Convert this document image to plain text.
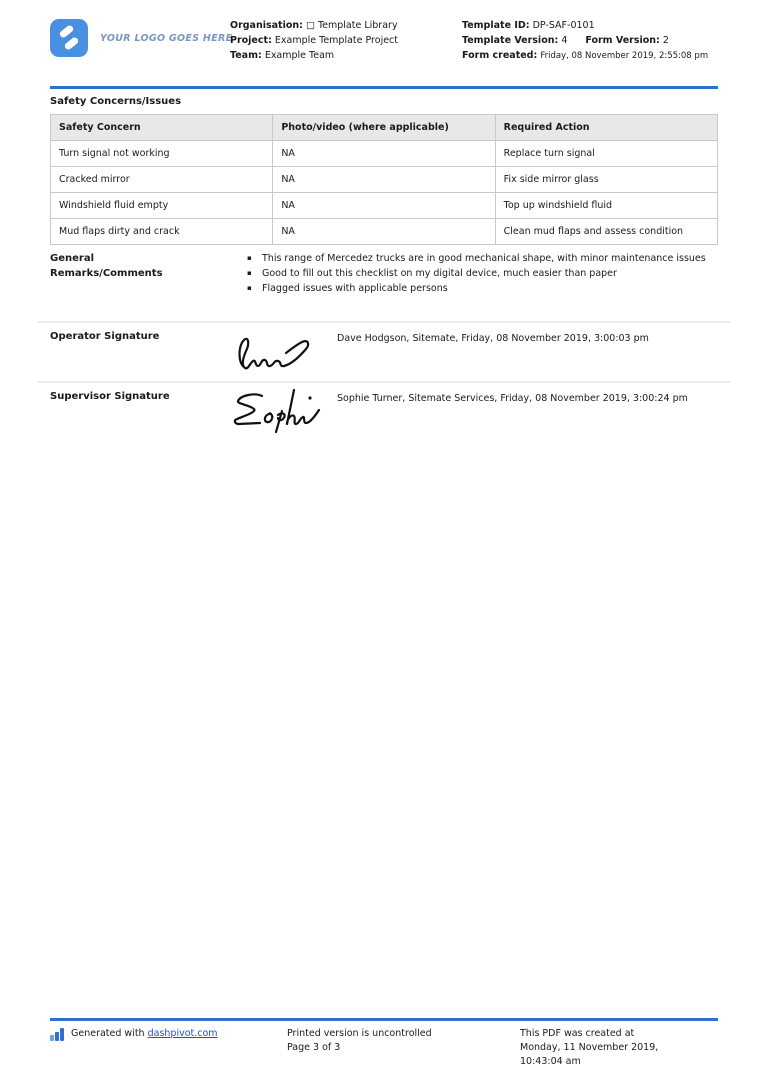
YOUR LOGO GOES HERE
Organisation: □ Template Library
Project: Example Template Project
Team: Example Team
Template ID: DP-SAF-0101
Template Version: 4 Form Version: 2
Form created: Friday, 08 November 2019, 2:55:08 pm
Safety Concerns/Issues
Safety Concern	Photo/video (where applicable)	Required Action
Turn signal not working	NA	Replace turn signal
Cracked mirror	NA	Fix side mirror glass
Windshield fluid empty	NA	Top up windshield fluid
Mud flaps dirty and crack	NA	Clean mud flaps and assess condition
General Remarks/Comments
▪	This range of Mercedez trucks are in good mechanical shape, with minor maintenance issues
▪	Good to fill out this checklist on my digital device, much easier than paper
▪	Flagged issues with applicable persons
Operator Signature	Dave Hodgson, Sitemate, Friday, 08 November 2019, 3:00:03 pm
Supervisor Signature	Sophie Turner, Sitemate Services, Friday, 08 November 2019, 3:00:24 pm
Generated with dashpivot.com	Printed version is uncontrolled
Page 3 of 3
This PDF was created at
Monday, 11 November 2019,
10:43:04 am
